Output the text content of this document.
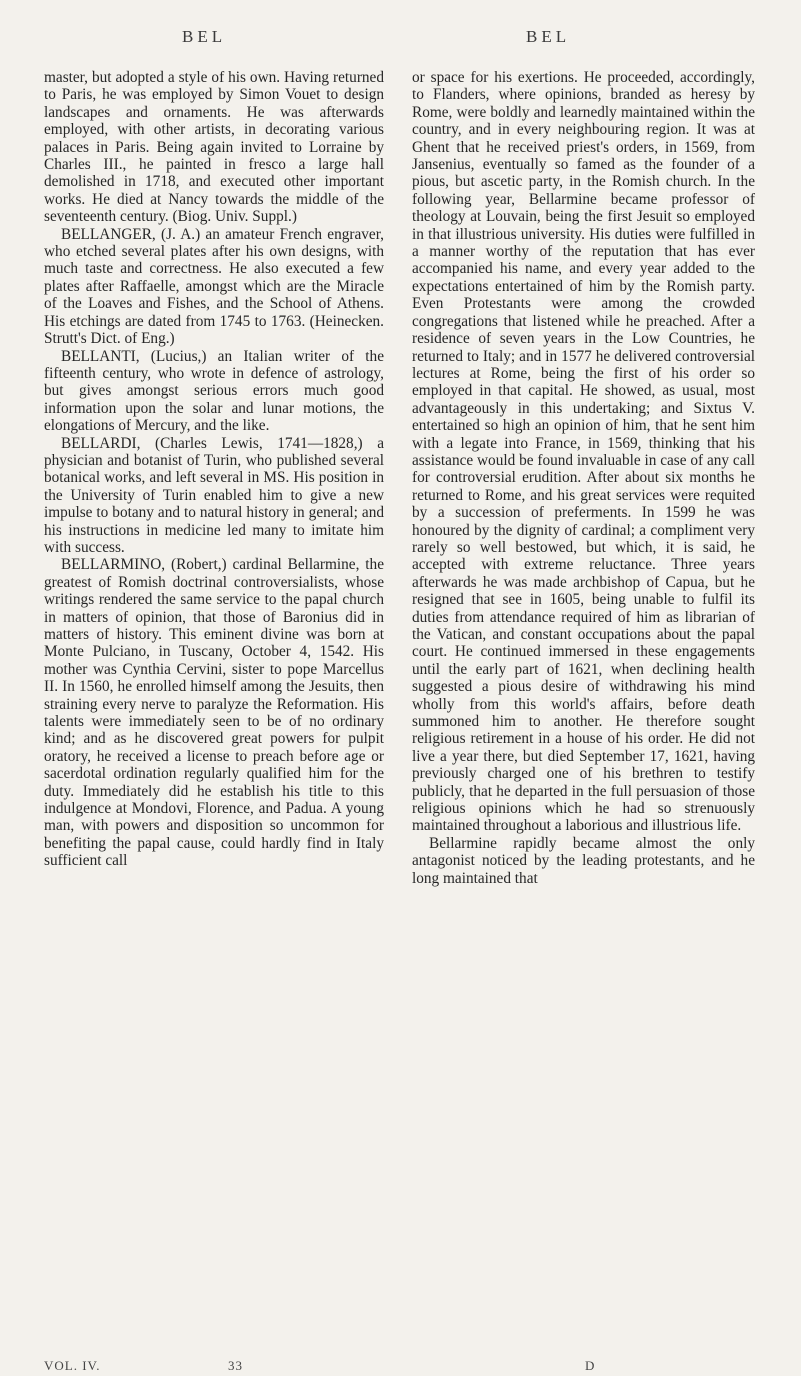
BEL	BEL

master, but adopted a style of his own. Having returned to Paris, he was employed by Simon Vouet to design landscapes and ornaments. He was afterwards employed, with other artists, in decorating various palaces in Paris. Being again invited to Lorraine by Charles III., he painted in fresco a large hall demolished in 1718, and executed other important works. He died at Nancy towards the middle of the seventeenth century. (Biog. Univ. Suppl.)

BELLANGER, (J. A.) an amateur French engraver, who etched several plates after his own designs, with much taste and correctness. He also executed a few plates after Raffaelle, amongst which are the Miracle of the Loaves and Fishes, and the School of Athens. His etchings are dated from 1745 to 1763. (Heinecken. Strutt's Dict. of Eng.)

BELLANTI, (Lucius,) an Italian writer of the fifteenth century, who wrote in defence of astrology, but gives amongst serious errors much good information upon the solar and lunar motions, the elongations of Mercury, and the like.

BELLARDI, (Charles Lewis, 1741—1828,) a physician and botanist of Turin, who published several botanical works, and left several in MS. His position in the University of Turin enabled him to give a new impulse to botany and to natural history in general; and his instructions in medicine led many to imitate him with success.

BELLARMINO, (Robert,) cardinal Bellarmine, the greatest of Romish doctrinal controversialists, whose writings rendered the same service to the papal church in matters of opinion, that those of Baronius did in matters of history. This eminent divine was born at Monte Pulciano, in Tuscany, October 4, 1542. His mother was Cynthia Cervini, sister to pope Marcellus II. In 1560, he enrolled himself among the Jesuits, then straining every nerve to paralyze the Reformation. His talents were immediately seen to be of no ordinary kind; and as he discovered great powers for pulpit oratory, he received a license to preach before age or sacerdotal ordination regularly qualified him for the duty. Immediately did he establish his title to this indulgence at Mondovi, Florence, and Padua. A young man, with powers and disposition so uncommon for benefiting the papal cause, could hardly find in Italy sufficient call

or space for his exertions. He proceeded, accordingly, to Flanders, where opinions, branded as heresy by Rome, were boldly and learnedly maintained within the country, and in every neighbouring region. It was at Ghent that he received priest's orders, in 1569, from Jansenius, eventually so famed as the founder of a pious, but ascetic party, in the Romish church. In the following year, Bellarmine became professor of theology at Louvain, being the first Jesuit so employed in that illustrious university. His duties were fulfilled in a manner worthy of the reputation that has ever accompanied his name, and every year added to the expectations entertained of him by the Romish party. Even Protestants were among the crowded congregations that listened while he preached. After a residence of seven years in the Low Countries, he returned to Italy; and in 1577 he delivered controversial lectures at Rome, being the first of his order so employed in that capital. He showed, as usual, most advantageously in this undertaking; and Sixtus V. entertained so high an opinion of him, that he sent him with a legate into France, in 1569, thinking that his assistance would be found invaluable in case of any call for controversial erudition. After about six months he returned to Rome, and his great services were requited by a succession of preferments. In 1599 he was honoured by the dignity of cardinal; a compliment very rarely so well bestowed, but which, it is said, he accepted with extreme reluctance. Three years afterwards he was made archbishop of Capua, but he resigned that see in 1605, being unable to fulfil its duties from attendance required of him as librarian of the Vatican, and constant occupations about the papal court. He continued immersed in these engagements until the early part of 1621, when declining health suggested a pious desire of withdrawing his mind wholly from this world's affairs, before death summoned him to another. He therefore sought religious retirement in a house of his order. He did not live a year there, but died September 17, 1621, having previously charged one of his brethren to testify publicly, that he departed in the full persuasion of those religious opinions which he had so strenuously maintained throughout a laborious and illustrious life.

Bellarmine rapidly became almost the only antagonist noticed by the leading protestants, and he long maintained that

VOL. IV.	33	D
